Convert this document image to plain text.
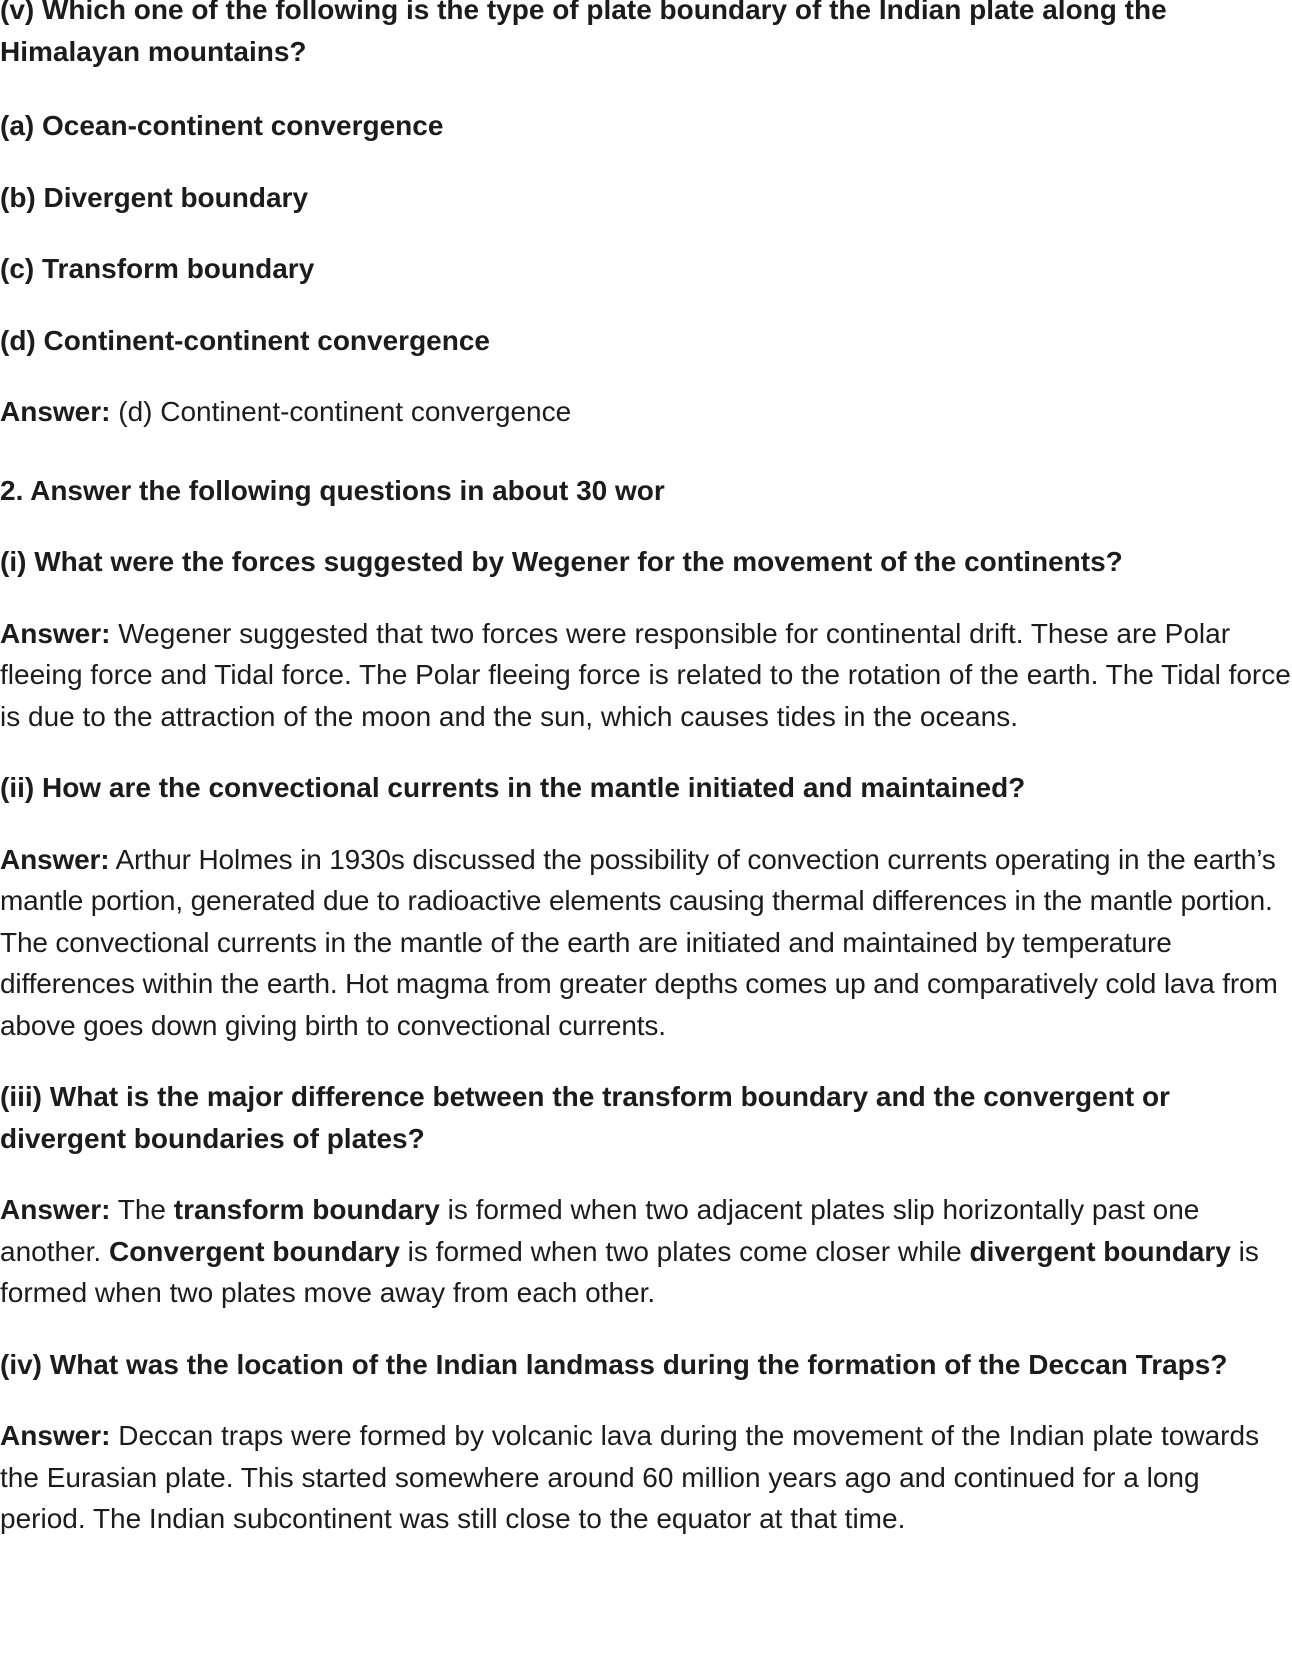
(v) Which one of the following is the type of plate boundary of the Indian plate along the Himalayan mountains?

(a) Ocean-continent convergence

(b) Divergent boundary

(c) Transform boundary

(d) Continent-continent convergence

Answer: (d) Continent-continent convergence

2. Answer the following questions in about 30 wor

(i) What were the forces suggested by Wegener for the movement of the continents?

Answer: Wegener suggested that two forces were responsible for continental drift. These are Polar fleeing force and Tidal force. The Polar fleeing force is related to the rotation of the earth. The Tidal force is due to the attraction of the moon and the sun, which causes tides in the oceans.

(ii) How are the convectional currents in the mantle initiated and maintained?

Answer: Arthur Holmes in 1930s discussed the possibility of convection currents operating in the earth’s mantle portion, generated due to radioactive elements causing thermal differences in the mantle portion. The convectional currents in the mantle of the earth are initiated and maintained by temperature differences within the earth. Hot magma from greater depths comes up and comparatively cold lava from above goes down giving birth to convectional currents.

(iii) What is the major difference between the transform boundary and the convergent or divergent boundaries of plates?

Answer: The transform boundary is formed when two adjacent plates slip horizontally past one another. Convergent boundary is formed when two plates come closer while divergent boundary is formed when two plates move away from each other.

(iv) What was the location of the Indian landmass during the formation of the Deccan Traps?

Answer: Deccan traps were formed by volcanic lava during the movement of the Indian plate towards the Eurasian plate. This started somewhere around 60 million years ago and continued for a long period. The Indian subcontinent was still close to the equator at that time.
